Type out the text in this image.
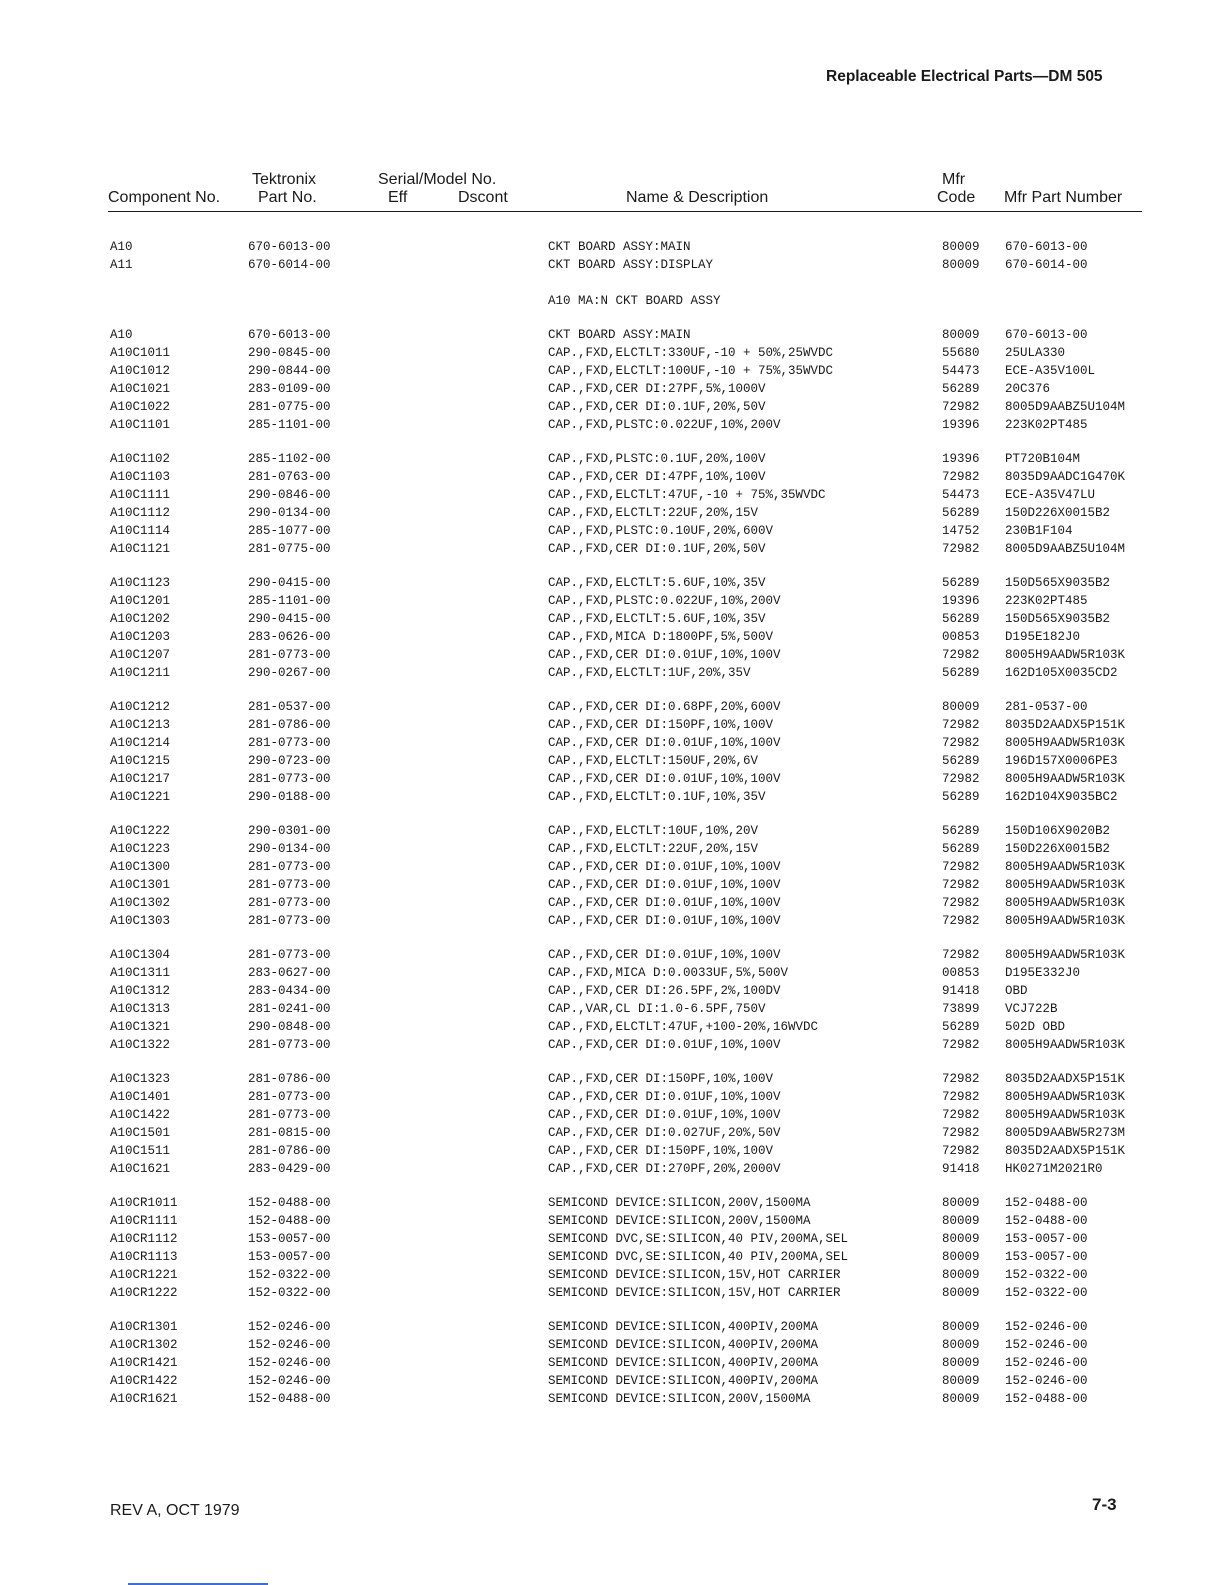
Replaceable Electrical Parts—DM 505
Component No.
Tektronix
Part No.
Serial/Model No.
Eff	Dscont	Name & Description
Mfr
Code Mfr Part Number
A10	670-6013-00	CKT BOARD ASSY:MAIN	80009 670-6013-00
A11	670-6014-00	CKT BOARD ASSY:DISPLAY	80009 670-6014-00
A10	670-6013-00	CKT BOARD ASSY:MAIN	80009 670-6013-00
A10C1011	290-0845-00	CAP.,FXD,ELCTLT:330UF,-10 + 50%,25WVDC	55680 25ULA330
A10C1012	290-0844-00	CAP.,FXD,ELCTLT:100UF,-10 + 75%,35WVDC	54473 ECE-A35V100L
A10C1021	283-0109-00	CAP.,FXD,CER DI:27PF,5%,1000V	56289 20C376
A10C1022	281-0775-00	CAP.,FXD,CER DI:0.1UF,20%,50V	72982 8005D9AABZ5U104M
A10C1101	285-1101-00	CAP.,FXD,PLSTC:0.022UF,10%,200V	19396 223K02PT485
A10C1102	285-1102-00	CAP.,FXD,PLSTC:0.1UF,20%,100V	19396 PT720B104M
A10C1103	281-0763-00	CAP.,FXD,CER DI:47PF,10%,100V	72982 8035D9AADC1G470K
A10C1111	290-0846-00	CAP.,FXD,ELCTLT:47UF,-10 + 75%,35WVDC	54473 ECE-A35V47LU
A10C1112	290-0134-00	CAP.,FXD,ELCTLT:22UF,20%,15V	56289 150D226X0015B2
A10C1114	285-1077-00	CAP.,FXD,PLSTC:0.10UF,20%,600V	14752 230B1F104
A10C1121	281-0775-00	CAP.,FXD,CER DI:0.1UF,20%,50V	72982 8005D9AABZ5U104M
A10C1123	290-0415-00	CAP.,FXD,ELCTLT:5.6UF,10%,35V	56289 150D565X9035B2
A10C1201	285-1101-00	CAP.,FXD,PLSTC:0.022UF,10%,200V	19396 223K02PT485
A10C1202	290-0415-00	CAP.,FXD,ELCTLT:5.6UF,10%,35V	56289 150D565X9035B2
A10C1203	283-0626-00	CAP.,FXD,MICA D:1800PF,5%,500V	00853 D195E182J0
A10C1207	281-0773-00	CAP.,FXD,CER DI:0.01UF,10%,100V	72982 8005H9AADW5R103K
A10C1211	290-0267-00	CAP.,FXD,ELCTLT:1UF,20%,35V	56289 162D105X0035CD2
A10C1212	281-0537-00	CAP.,FXD,CER DI:0.68PF,20%,600V	80009 281-0537-00
A10C1213	281-0786-00	CAP.,FXD,CER DI:150PF,10%,100V	72982 8035D2AADX5P151K
A10C1214	281-0773-00	CAP.,FXD,CER DI:0.01UF,10%,100V	72982 8005H9AADW5R103K
A10C1215	290-0723-00	CAP.,FXD,ELCTLT:150UF,20%,6V	56289 196D157X0006PE3
A10C1217	281-0773-00	CAP.,FXD,CER DI:0.01UF,10%,100V	72982 8005H9AADW5R103K
A10C1221	290-0188-00	CAP.,FXD,ELCTLT:0.1UF,10%,35V	56289 162D104X9035BC2
A10C1222	290-0301-00	CAP.,FXD,ELCTLT:10UF,10%,20V	56289 150D106X9020B2
A10C1223	290-0134-00	CAP.,FXD,ELCTLT:22UF,20%,15V	56289 150D226X0015B2
A10C1300	281-0773-00	CAP.,FXD,CER DI:0.01UF,10%,100V	72982 8005H9AADW5R103K
A10C1301	281-0773-00	CAP.,FXD,CER DI:0.01UF,10%,100V	72982 8005H9AADW5R103K
A10C1302	281-0773-00	CAP.,FXD,CER DI:0.01UF,10%,100V	72982 8005H9AADW5R103K
A10C1303	281-0773-00	CAP.,FXD,CER DI:0.01UF,10%,100V	72982 8005H9AADW5R103K
A10C1304	281-0773-00	CAP.,FXD,CER DI:0.01UF,10%,100V	72982 8005H9AADW5R103K
A10C1311	283-0627-00	CAP.,FXD,MICA D:0.0033UF,5%,500V	00853 D195E332J0
A10C1312	283-0434-00	CAP.,FXD,CER DI:26.5PF,2%,100DV	91418 OBD
A10C1313	281-0241-00	CAP.,VAR,CL DI:1.0-6.5PF,750V	73899 VCJ722B
A10C1321	290-0848-00	CAP.,FXD,ELCTLT:47UF,+100-20%,16WVDC	56289 502D OBD
A10C1322	281-0773-00	CAP.,FXD,CER DI:0.01UF,10%,100V	72982 8005H9AADW5R103K
A10C1323	281-0786-00	CAP.,FXD,CER DI:150PF,10%,100V	72982 8035D2AADX5P151K
A10C1401	281-0773-00	CAP.,FXD,CER DI:0.01UF,10%,100V	72982 8005H9AADW5R103K
A10C1422	281-0773-00	CAP.,FXD,CER DI:0.01UF,10%,100V	72982 8005H9AADW5R103K
A10C1501	281-0815-00	CAP.,FXD,CER DI:0.027UF,20%,50V	72982 8005D9AABW5R273M
A10C1511	281-0786-00	CAP.,FXD,CER DI:150PF,10%,100V	72982 8035D2AADX5P151K
A10C1621	283-0429-00	CAP.,FXD,CER DI:270PF,20%,2000V	91418 HK0271M2021R0
A10CR1011	152-0488-00	SEMICOND DEVICE:SILICON,200V,1500MA	80009 152-0488-00
A10CR1111	152-0488-00	SEMICOND DEVICE:SILICON,200V,1500MA	80009 152-0488-00
A10CR1112	153-0057-00	SEMICOND DVC,SE:SILICON,40 PIV,200MA,SEL	80009 153-0057-00
A10CR1113	153-0057-00	SEMICOND DVC,SE:SILICON,40 PIV,200MA,SEL	80009 153-0057-00
A10CR1221	152-0322-00	SEMICOND DEVICE:SILICON,15V,HOT CARRIER	80009 152-0322-00
A10CR1222	152-0322-00	SEMICOND DEVICE:SILICON,15V,HOT CARRIER	80009 152-0322-00
A10CR1301	152-0246-00	SEMICOND DEVICE:SILICON,400PIV,200MA	80009 152-0246-00
A10CR1302	152-0246-00	SEMICOND DEVICE:SILICON,400PIV,200MA	80009 152-0246-00
A10CR1421	152-0246-00	SEMICOND DEVICE:SILICON,400PIV,200MA	80009 152-0246-00
A10CR1422	152-0246-00	SEMICOND DEVICE:SILICON,400PIV,200MA	80009 152-0246-00
A10CR1621	152-0488-00	SEMICOND DEVICE:SILICON,200V,1500MA	80009 152-0488-00
A10 MA:N CKT BOARD ASSY
REV A, OCT 1979	7-3
